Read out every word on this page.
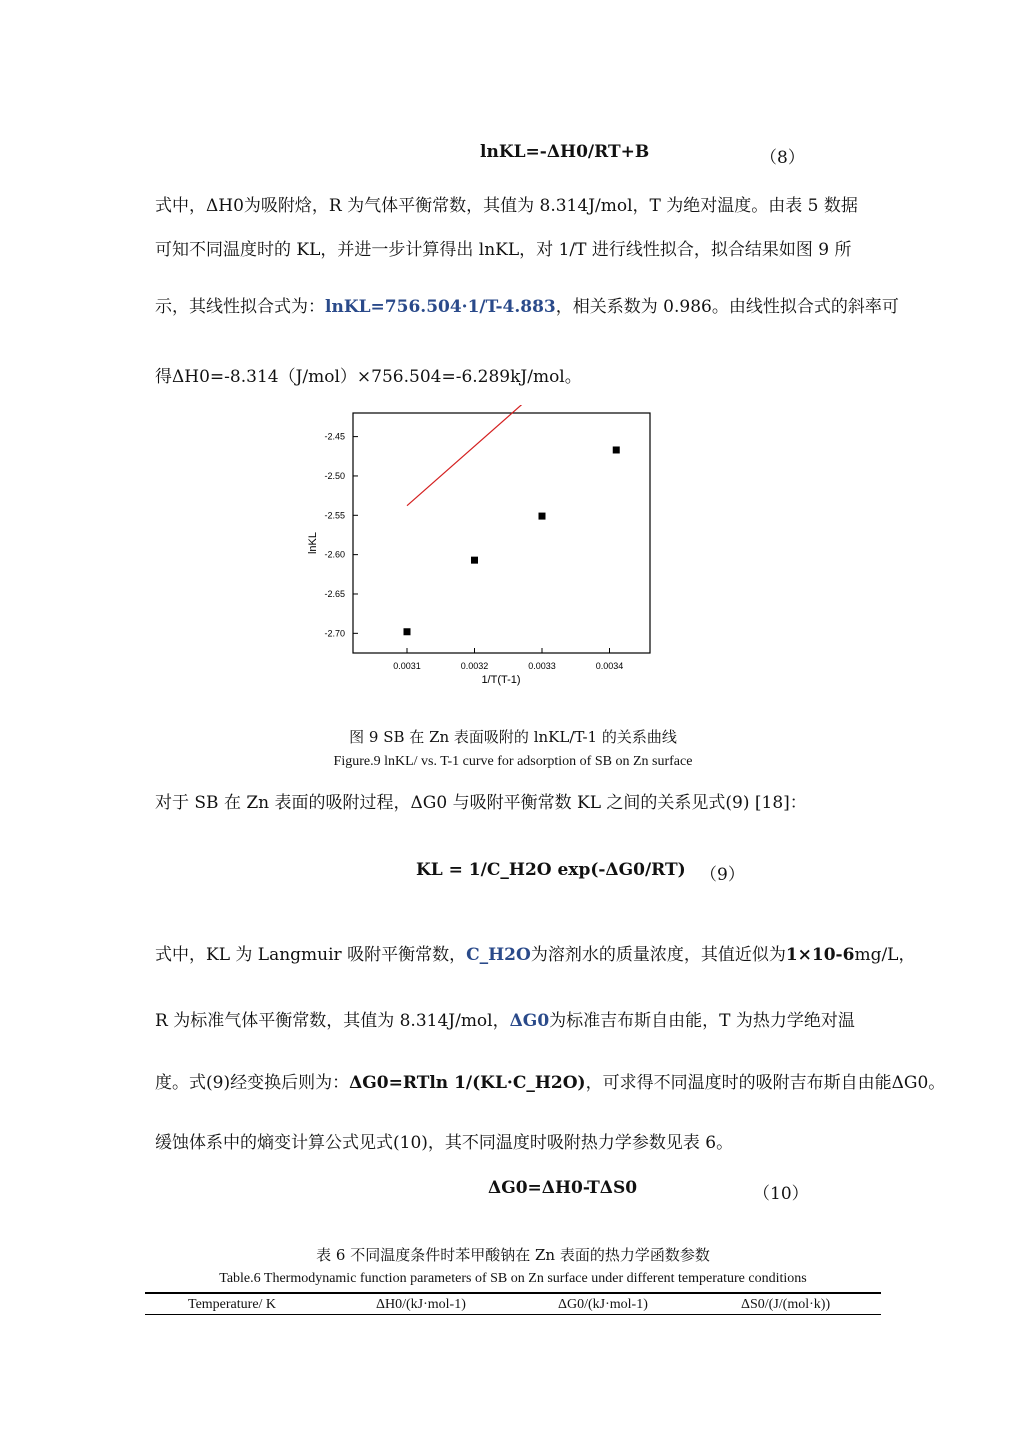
lnKL=-ΔH0/RT+B	（8）
式中，ΔH0为吸附焓，R 为气体平衡常数，其值为 8.314J/mol，T 为绝对温度。由表 5 数据
可知不同温度时的 KL，并进一步计算得出 lnKL，对 1/T 进行线性拟合，拟合结果如图 9 所
示，其线性拟合式为：lnKL=756.504·1/T-4.883，相关系数为 0.986。由线性拟合式的斜率可
得ΔH0=-8.314（J/mol）×756.504=-6.289kJ/mol。
0.0031	0.0032	0.0033	0.0034
-2.45
-2.50
-2.55
-2.60
-2.65
-2.70
1/T(T-1)
lnKL
图 9 SB 在 Zn 表面吸附的 lnKL/T-1 的关系曲线
Figure.9 lnKL/ vs. T-1 curve for adsorption of SB on Zn surface
对于 SB 在 Zn 表面的吸附过程，ΔG0 与吸附平衡常数 KL 之间的关系见式(9) [18]：
KL = 1/C_H2O exp(-ΔG0/RT) （9）
式中，KL 为 Langmuir 吸附平衡常数，C_H2O为溶剂水的质量浓度，其值近似为1×10-6mg/L，
R 为标准气体平衡常数，其值为 8.314J/mol，ΔG0为标准吉布斯自由能，T 为热力学绝对温
度。式(9)经变换后则为：ΔG0=RTln 1/(KL·C_H2O)，可求得不同温度时的吸附吉布斯自由能ΔG0。
缓蚀体系中的熵变计算公式见式(10)，其不同温度时吸附热力学参数见表 6。
ΔG0=ΔH0-TΔS0	（10）
表 6 不同温度条件时苯甲酸钠在 Zn 表面的热力学函数参数
Table.6 Thermodynamic function parameters of SB on Zn surface under different temperature conditions
Temperature/ K	ΔH0/(kJ·mol-1)	ΔG0/(kJ·mol-1)	ΔS0/(J/(mol·k))
